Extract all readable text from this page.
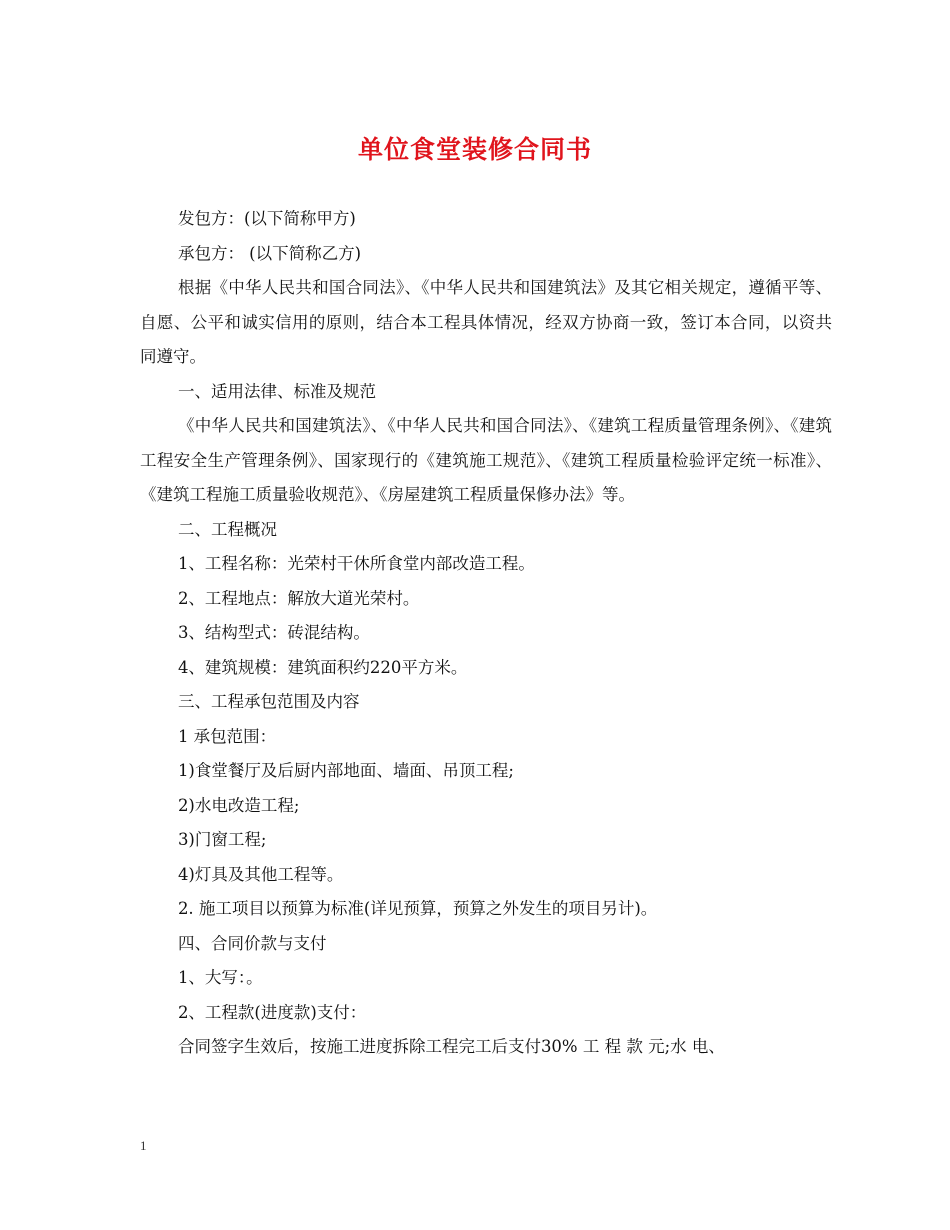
单位食堂装修合同书

发包方：(以下简称甲方)

承包方： (以下简称乙方)

根据《中华人民共和国合同法》、《中华人民共和国建筑法》及其它相关规定，遵循平等、自愿、公平和诚实信用的原则，结合本工程具体情况，经双方协商一致，签订本合同，以资共同遵守。

一、适用法律、标准及规范

《中华人民共和国建筑法》、《中华人民共和国合同法》、《建筑工程质量管理条例》、《建筑工程安全生产管理条例》、国家现行的《建筑施工规范》、《建筑工程质量检验评定统一标准》、《建筑工程施工质量验收规范》、《房屋建筑工程质量保修办法》等。

二、工程概况

1、工程名称：光荣村干休所食堂内部改造工程。

2、工程地点：解放大道光荣村。

3、结构型式：砖混结构。

4、建筑规模：建筑面积约220平方米。

三、工程承包范围及内容

1 承包范围：

1)食堂餐厅及后厨内部地面、墙面、吊顶工程;

2)水电改造工程;

3)门窗工程;

4)灯具及其他工程等。

2. 施工项目以预算为标准(详见预算，预算之外发生的项目另计)。

四、合同价款与支付

1、大写：。

2、工程款(进度款)支付：

合同签字生效后，按施工进度拆除工程完工后支付30% 工 程 款 元;水 电、

1
